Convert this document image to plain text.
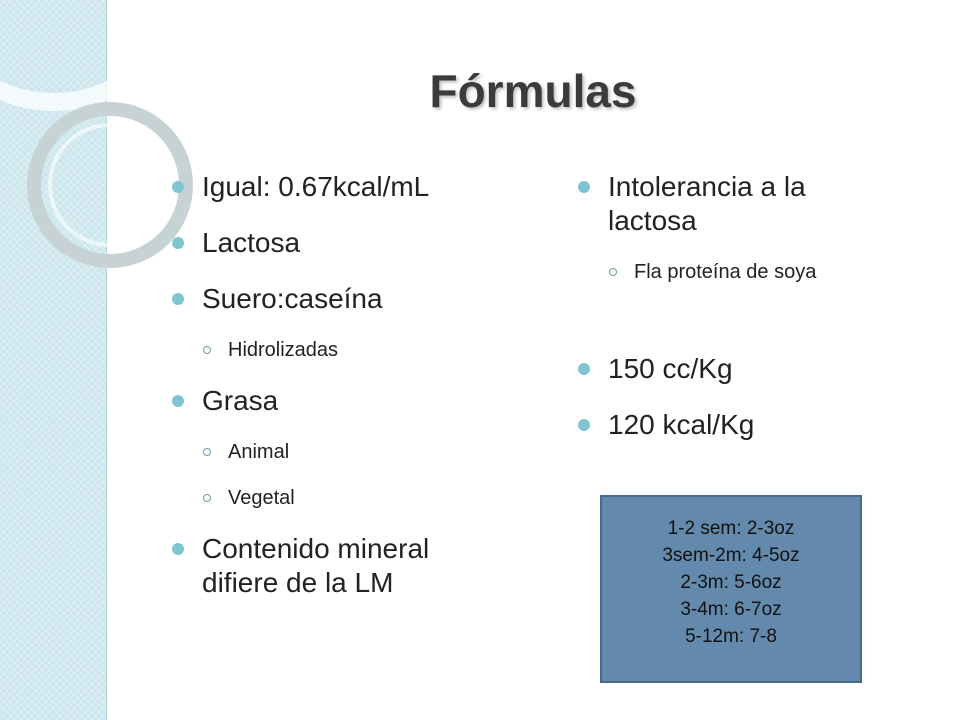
Fórmulas
Igual: 0.67kcal/mL
Lactosa
Suero:caseína
Hidrolizadas
Grasa
Animal
Vegetal
Contenido mineral difiere de la LM
Intolerancia a la lactosa
Fla proteína de soya
150 cc/Kg
120 kcal/Kg
1-2 sem: 2-3oz
3sem-2m: 4-5oz
2-3m: 5-6oz
3-4m: 6-7oz
5-12m: 7-8
